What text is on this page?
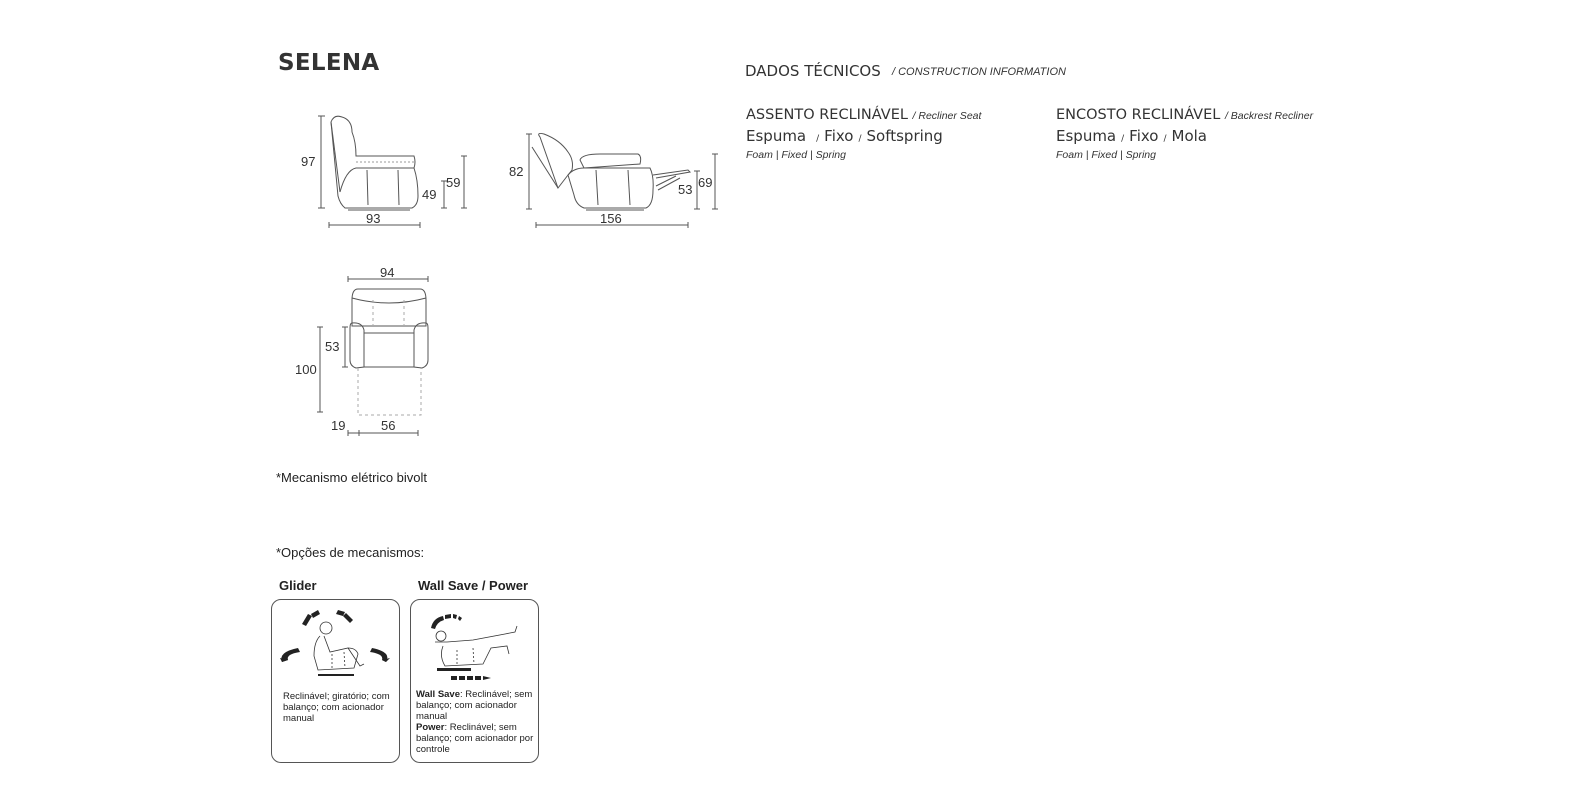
SELENA	DADOS TÉCNICOS / CONSTRUCTION INFORMATION
ASSENTO RECLINÁVEL / Recliner Seat
Espuma / Fixo / Softspring
Foam | Fixed | Spring
ENCOSTO RECLINÁVEL / Backrest Recliner
Espuma / Fixo / Mola
Foam | Fixed | Spring
97
49
59
93
82
53 69
156
94
53
100
19	56
*Mecanismo elétrico bivolt
*Opções de mecanismos:
Glider
Reclinável; giratório; com balanço; com acionador manual
Wall Save / Power
Wall Save: Reclinável; sem balanço; com acionador manual
Power: Reclinável; sem balanço; com acionador por controle
